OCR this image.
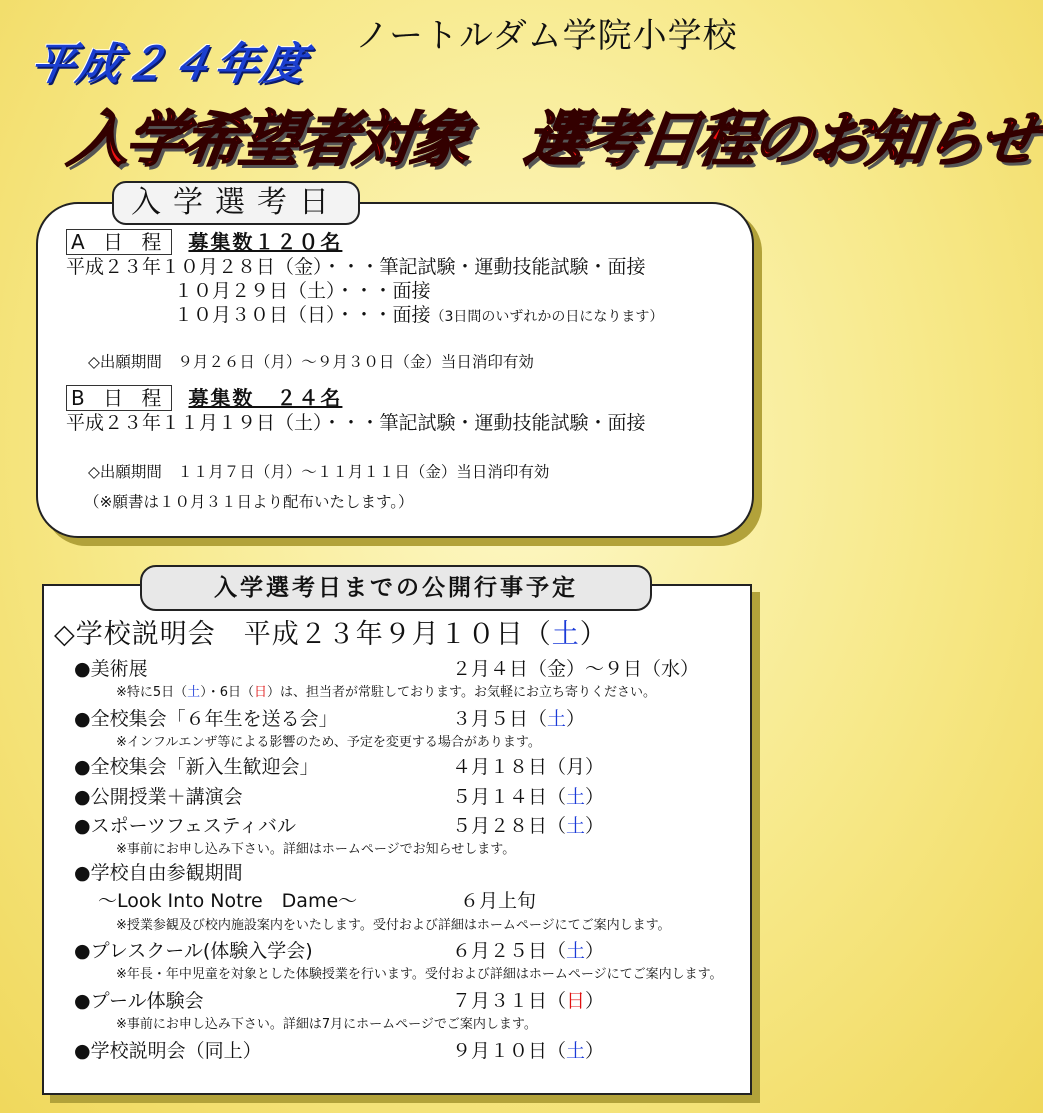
ノートルダム学院小学校
平成２４年度
入学希望者対象　選考日程のお知らせ
入学選考日
A 日 程 募集数１２０名
平成２３年１０月２８日（金）・・・筆記試験・運動技能試験・面接
１０月２９日（土）・・・面接
１０月３０日（日）・・・面接（3日間のいずれかの日になります）
◇出願期間　９月２６日（月）～９月３０日（金）当日消印有効
B 日 程 募集数　２４名
平成２３年１１月１９日（土）・・・筆記試験・運動技能試験・面接
◇出願期間　１１月７日（月）～１１月１１日（金）当日消印有効
（※願書は１０月３１日より配布いたします。）
入学選考日までの公開行事予定
◇学校説明会　平成２３年９月１０日（土）
●美術展	２月４日（金）～９日（水）
※特に5日（土）・6日（日）は、担当者が常駐しております。お気軽にお立ち寄りください。
●全校集会「６年生を送る会」	３月５日（土）
※インフルエンザ等による影響のため、予定を変更する場合があります。
●全校集会「新入生歓迎会」	４月１８日（月）
●公開授業＋講演会	５月１４日（土）
●スポーツフェスティバル	５月２８日（土）
※事前にお申し込み下さい。詳細はホームページでお知らせします。
●学校自由参観期間
～Look Into Notre　Dame～	６月上旬
※授業参観及び校内施設案内をいたします。受付および詳細はホームページにてご案内します。
●プレスクール(体験入学会)	６月２５日（土）
※年長・年中児童を対象とした体験授業を行います。受付および詳細はホームページにてご案内します。
●プール体験会	７月３１日（日）
※事前にお申し込み下さい。詳細は7月にホームページでご案内します。
●学校説明会（同上）	９月１０日（土）
